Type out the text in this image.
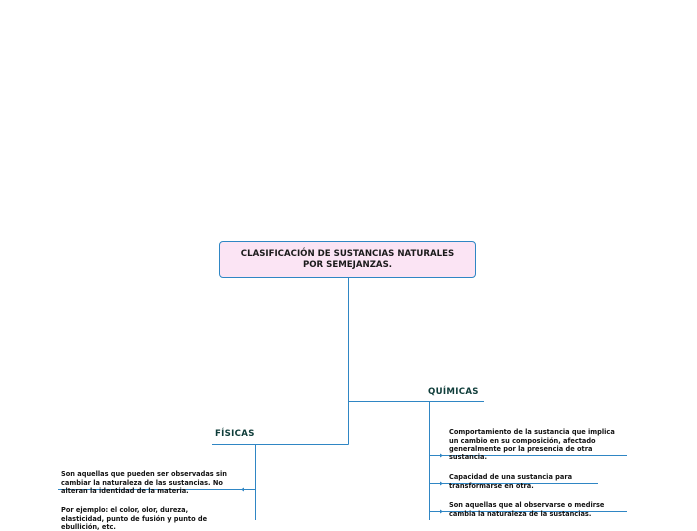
CLASIFICACIÓN DE SUSTANCIAS NATURALES
POR SEMEJANZAS.
QUÍMICAS
FÍSICAS	Comportamiento de la sustancia que implica
un cambio en su composición, afectado
generalmente por la presencia de otra
sustancia.

Capacidad de una sustancia para
transformarse en otra.

Son aquellas que al observarse o medirse
cambia la naturaleza de la sustancias.

Son aquellas que pueden ser observadas sin
cambiar la naturaleza de las sustancias. No
alteran la identidad de la materia.

Por ejemplo: el color, olor, dureza,
elasticidad, punto de fusión y punto de
ebullición, etc.
